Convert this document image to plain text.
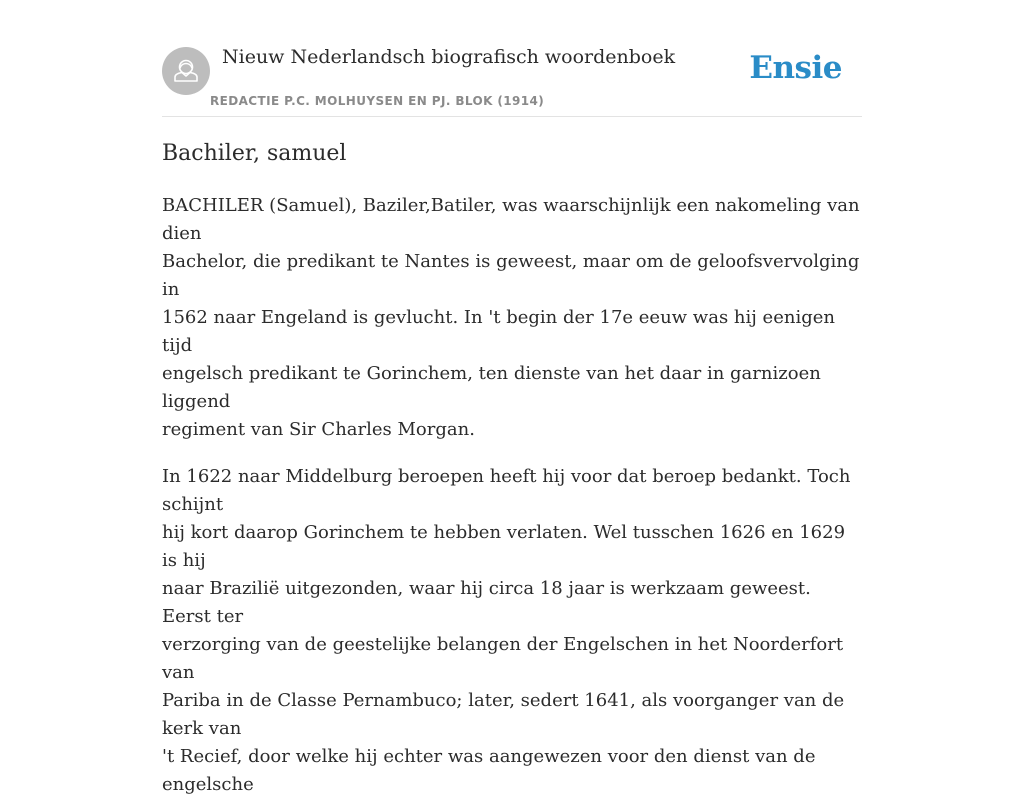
Nieuw Nederlandsch biografisch woordenboek
REDACTIE P.C. MOLHUYSEN EN PJ. BLOK (1914)
Ensie
Bachiler, samuel

BACHILER (Samuel), Baziler,Batiler, was waarschijnlijk een nakomeling van dien
Bachelor, die predikant te Nantes is geweest, maar om de geloofsvervolging in
1562 naar Engeland is gevlucht. In 't begin der 17e eeuw was hij eenigen tijd
engelsch predikant te Gorinchem, ten dienste van het daar in garnizoen liggend
regiment van Sir Charles Morgan.

In 1622 naar Middelburg beroepen heeft hij voor dat beroep bedankt. Toch schijnt
hij kort daarop Gorinchem te hebben verlaten. Wel tusschen 1626 en 1629 is hij
naar Brazilië uitgezonden, waar hij circa 18 jaar is werkzaam geweest. Eerst ter
verzorging van de geestelijke belangen der Engelschen in het Noorderfort van
Pariba in de Classe Pernambuco; later, sedert 1641, als voorganger van de kerk van
't Recief, door welke hij echter was aangewezen voor den dienst van de engelsche
